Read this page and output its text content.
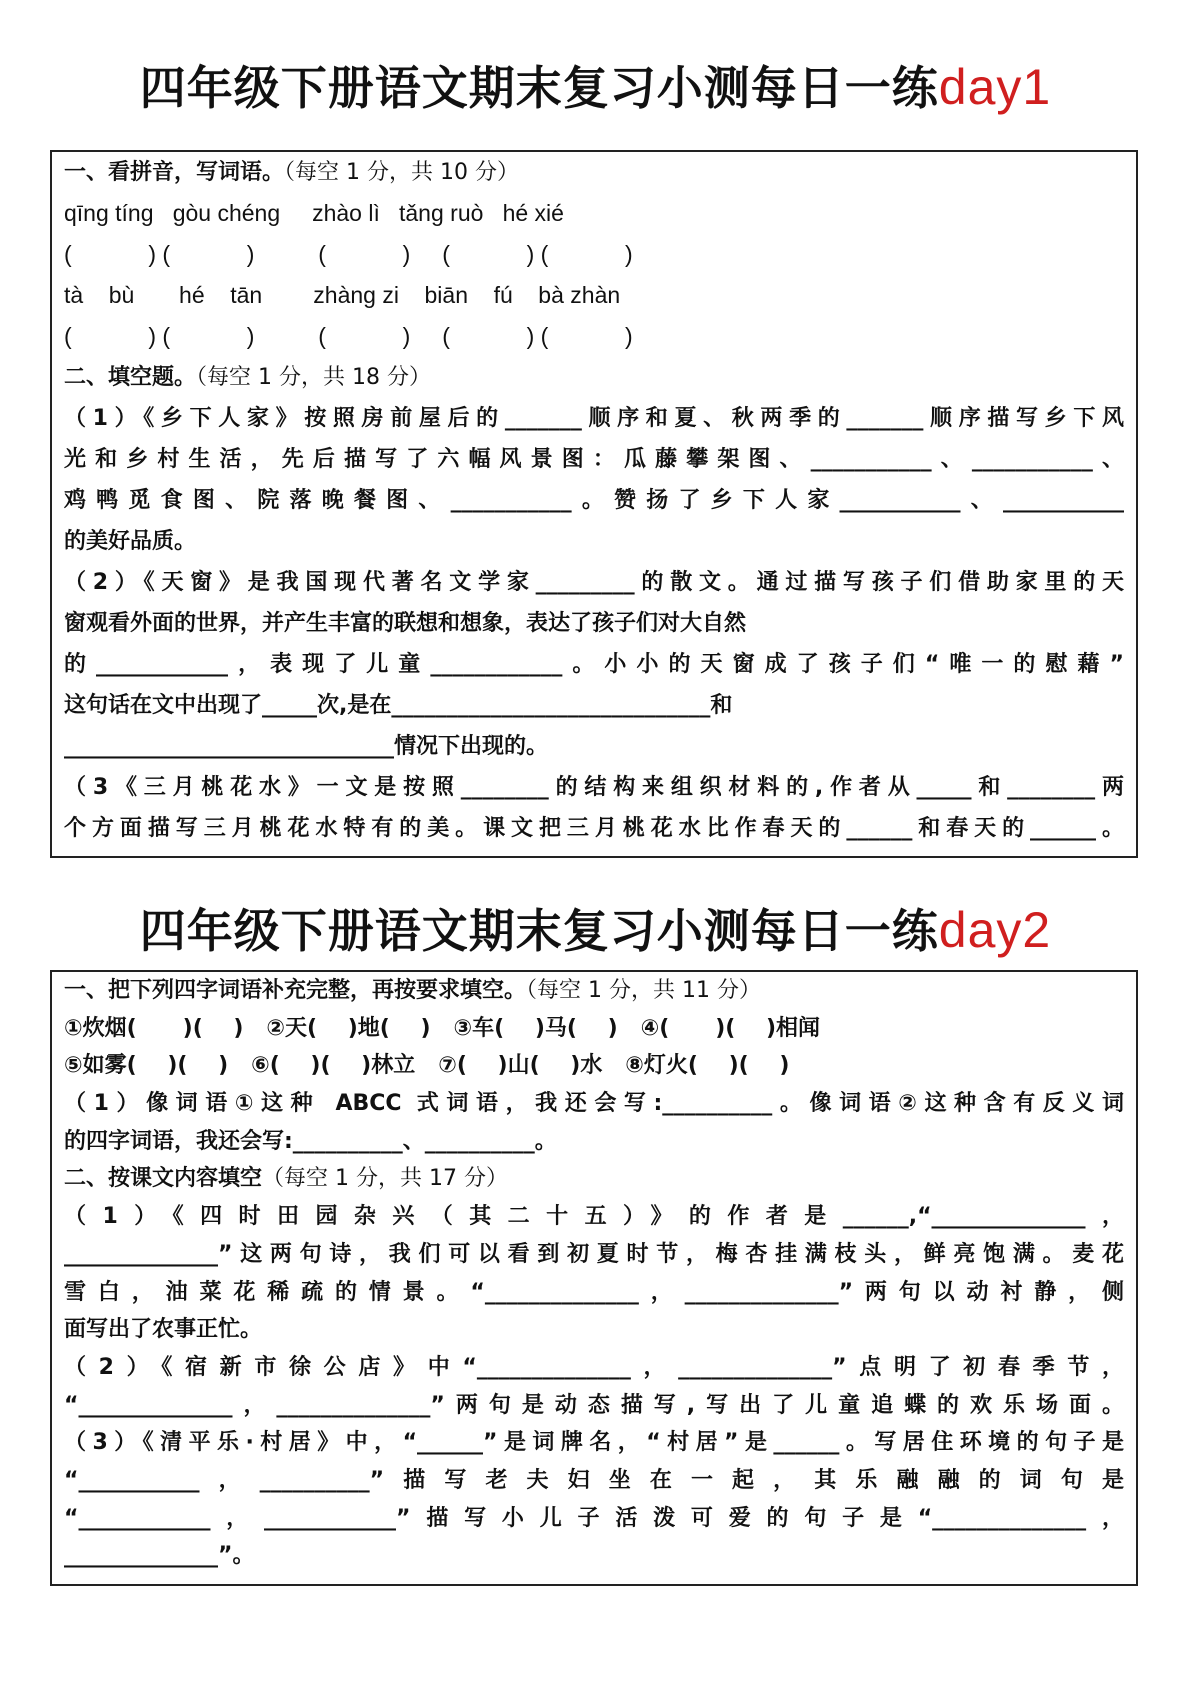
四年级下册语文期末复习小测每日一练day1
一、看拼音，写词语。（每空 1 分，共 10 分）
qīng tíng   gòu chéng     zhào lì   tǎng ruò   hé xié
(            ) (            )          (            )     (            ) (            )
tà    bù       hé    tān        zhàng zi    biān    fú    bà zhàn
(            ) (            )          (            )     (            ) (            )
二、填空题。（每空 1 分，共 18 分）
（1）《乡下人家》按照房前屋后的_______顺序和夏、秋两季的_______顺序描写乡下风
光和乡村生活，先后描写了六幅风景图：瓜藤攀架图、___________、___________、
鸡鸭觅食图、院落晚餐图、___________。赞扬了乡下人家___________、___________
的美好品质。
（2）《天窗》是我国现代著名文学家_________的散文。通过描写孩子们借助家里的天
窗观看外面的世界，并产生丰富的联想和想象，表达了孩子们对大自然
的____________，表现了儿童____________。小小的天窗成了孩子们“唯一的慰藉”
这句话在文中出现了_____次,是在_____________________________和
______________________________情况下出现的。
（3《三月桃花水》一文是按照________的结构来组织材料的,作者从_____和________两
个方面描写三月桃花水特有的美。课文把三月桃花水比作春天的______和春天的______。
四年级下册语文期末复习小测每日一练day2
一、把下列四字词语补充完整，再按要求填空。（每空 1 分，共 11 分）
①炊烟(      )(    )   ②天(    )地(    )   ③车(    )马(    )   ④(      )(    )相闻
⑤如雾(    )(    )   ⑥(    )(    )林立   ⑦(    )山(    )水   ⑧灯火(    )(    )
（1）像词语①这种 ABCC 式词语，我还会写:__________。像词语②这种含有反义词
的四字词语，我还会写:__________、__________。
二、按课文内容填空（每空 1 分，共 17 分）
（1）《四时田园杂兴（其二十五）》的作者是______,“______________，
______________”这两句诗，我们可以看到初夏时节，梅杏挂满枝头，鲜亮饱满。麦花
雪白，油菜花稀疏的情景。“______________，______________”两句以动衬静，侧
面写出了农事正忙。
（2）《宿新市徐公店》中“______________，______________”点明了初春季节，
“______________，______________”两句是动态描写,写出了儿童追蝶的欢乐场面。
（3）《清平乐·村居》中，“______”是词牌名，“村居”是______。写居住环境的句子是
“___________，__________”描写老夫妇坐在一起，其乐融融的词句是
“____________，____________”描写小儿子活泼可爱的句子是“______________，
______________”。
